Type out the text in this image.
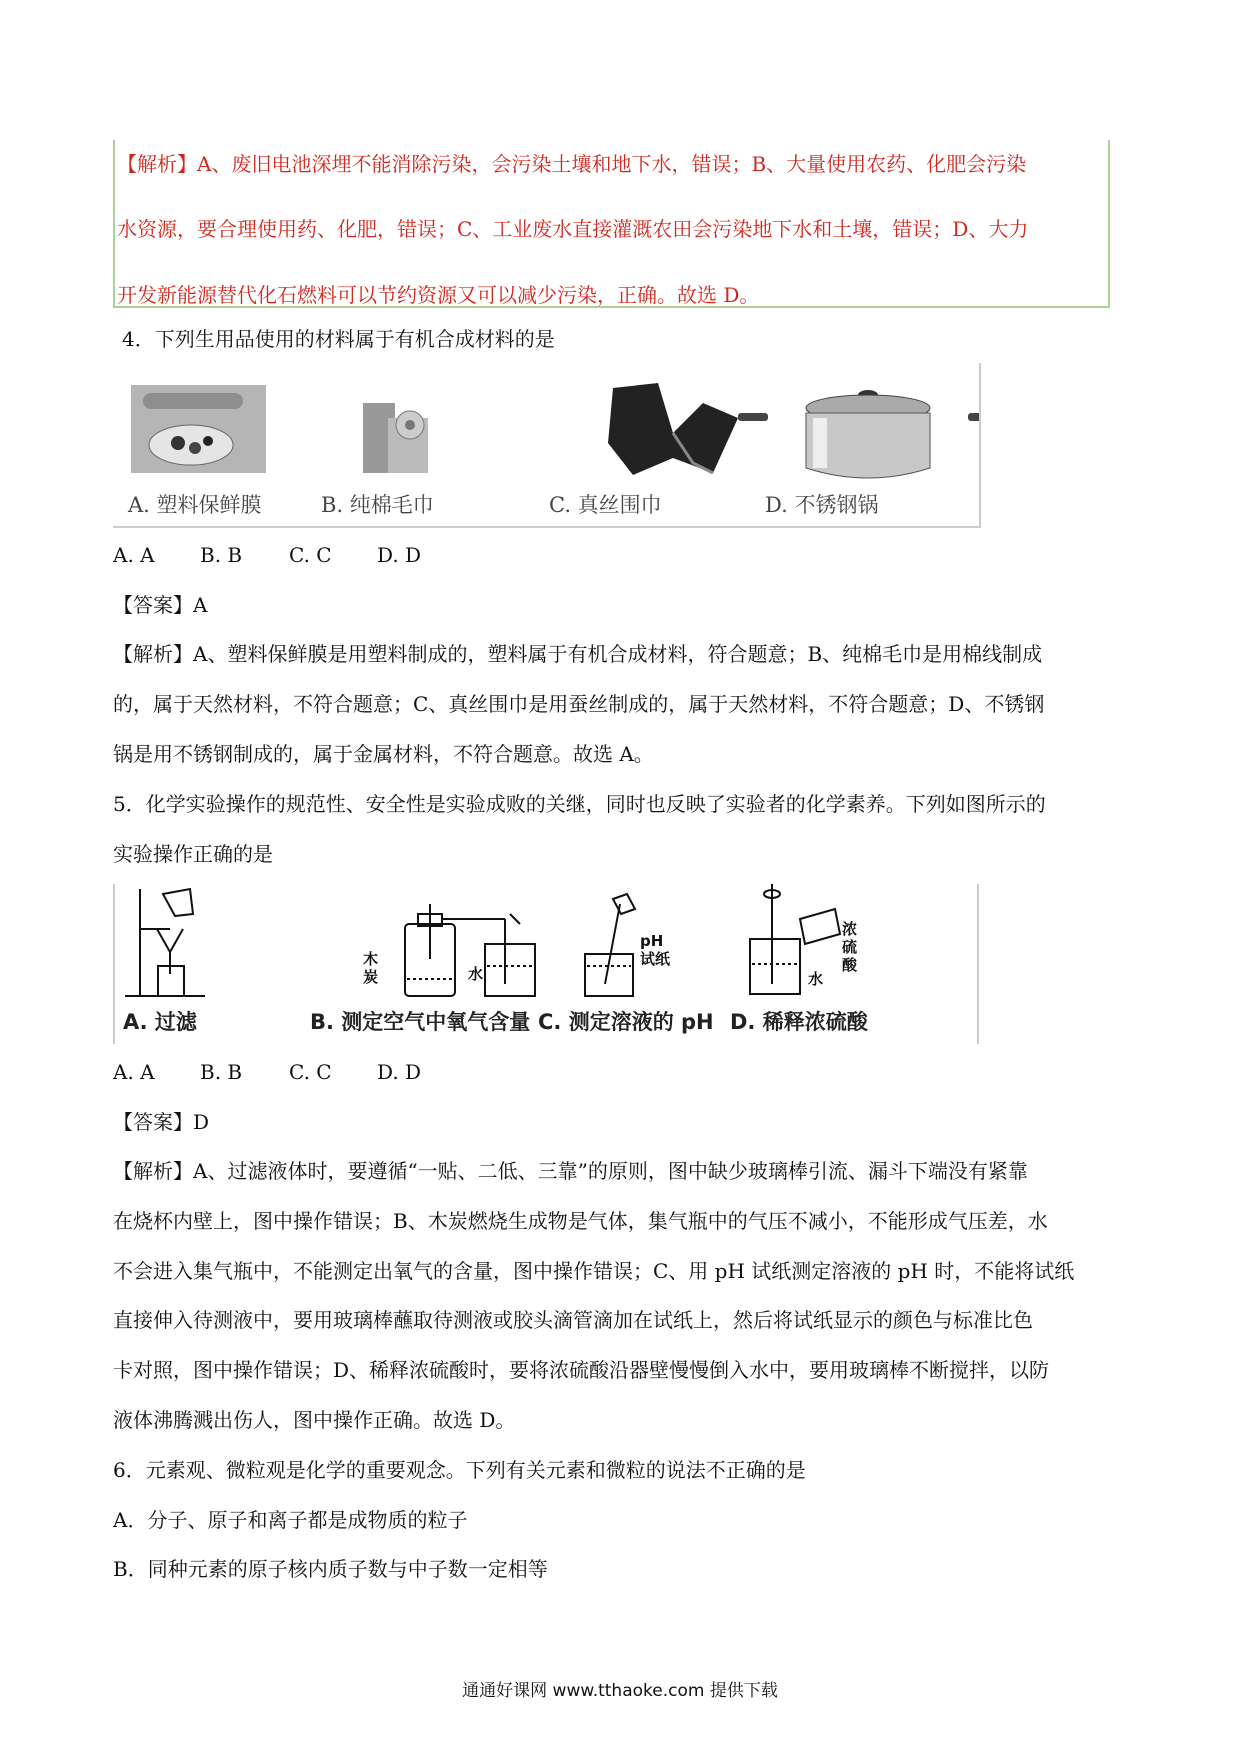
【解析】A、废旧电池深埋不能消除污染，会污染土壤和地下水，错误；B、大量使用农药、化肥会污染
水资源，要合理使用药、化肥，错误；C、工业废水直接灌溉农田会污染地下水和土壤，错误；D、大力
开发新能源替代化石燃料可以节约资源又可以减少污染，正确。故选 D。
4．下列生用品使用的材料属于有机合成材料的是
A. 塑料保鲜膜	B. 纯棉毛巾	C. 真丝围巾	D. 不锈钢锅
A. A B. B C. C D. D
【答案】A
【解析】A、塑料保鲜膜是用塑料制成的，塑料属于有机合成材料，符合题意；B、纯棉毛巾是用棉线制成
的，属于天然材料，不符合题意；C、真丝围巾是用蚕丝制成的，属于天然材料，不符合题意；D、不锈钢
锅是用不锈钢制成的，属于金属材料，不符合题意。故选 A。
5．化学实验操作的规范性、安全性是实验成败的关继，同时也反映了实验者的化学素养。下列如图所示的
实验操作正确的是
木
炭	水
pH
试纸
浓
硫
酸
水
A. 过滤	B. 测定空气中氧气含量 C. 测定溶液的 pH D. 稀释浓硫酸
A. A B. B C. C D. D
【答案】D
【解析】A、过滤液体时，要遵循“一贴、二低、三靠”的原则，图中缺少玻璃棒引流、漏斗下端没有紧靠
在烧杯内壁上，图中操作错误；B、木炭燃烧生成物是气体，集气瓶中的气压不减小，不能形成气压差，水
不会进入集气瓶中，不能测定出氧气的含量，图中操作错误；C、用 pH 试纸测定溶液的 pH 时，不能将试纸
直接伸入待测液中，要用玻璃棒蘸取待测液或胶头滴管滴加在试纸上，然后将试纸显示的颜色与标准比色
卡对照，图中操作错误；D、稀释浓硫酸时，要将浓硫酸沿器壁慢慢倒入水中，要用玻璃棒不断搅拌，以防
液体沸腾溅出伤人，图中操作正确。故选 D。
6．元素观、微粒观是化学的重要观念。下列有关元素和微粒的说法不正确的是
A．分子、原子和离子都是成物质的粒子
B．同种元素的原子核内质子数与中子数一定相等
通通好课网 www.tthaoke.com 提供下载
